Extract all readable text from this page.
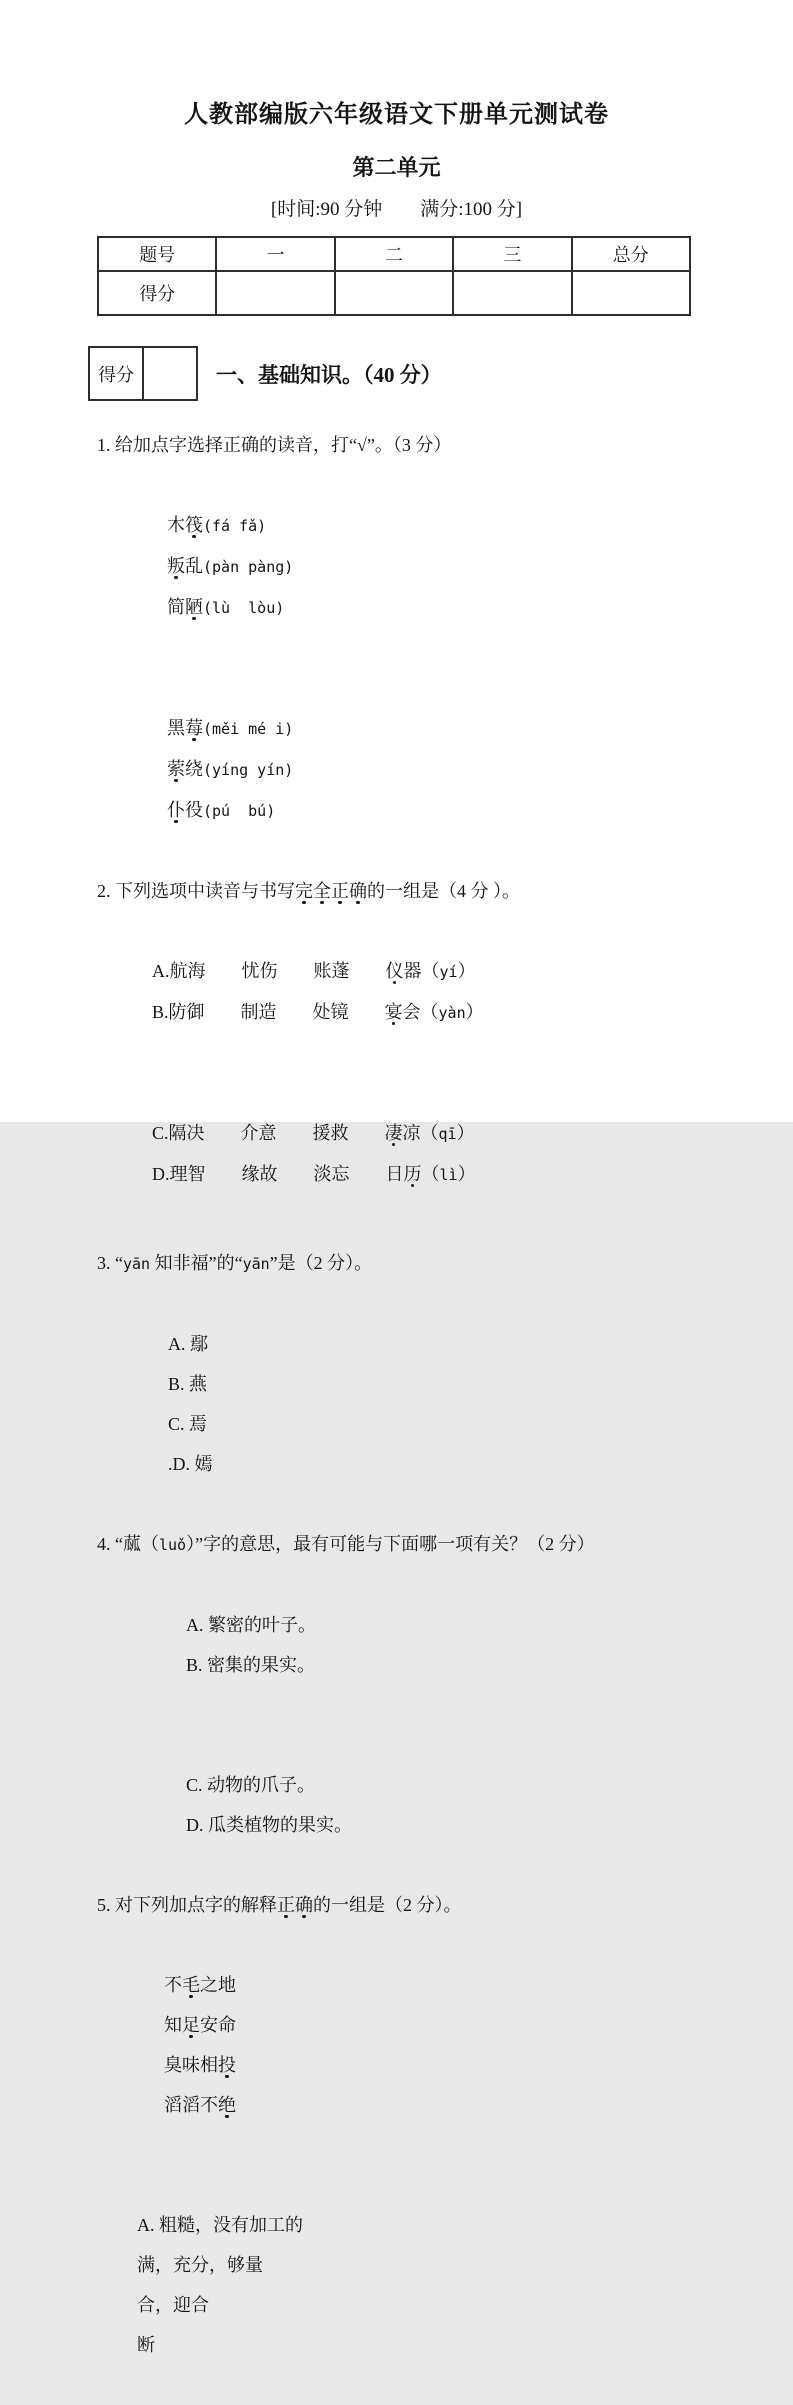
人教部编版六年级语文下册单元测试卷
第二单元
[时间:90 分钟　　满分:100 分]
题号	一	二	三	总分
得分				
得分		一、基础知识。（40 分）
1. 给加点字选择正确的读音，打“√”。（3 分）

木筏(fá fǎ)
叛乱(pàn pàng)
简陋(lù  lòu)

黑莓(měi mé i)
萦绕(yíng yín)
仆役(pú  bú)

2. 下列选项中读音与书写完全正确的一组是（4 分 ）。

A.航海　　忧伤　　账蓬　　仪器（yí）
B.防御　　制造　　处镜　　宴会（yàn）

C.隔决　　介意　　援救　　凄凉（qī）
D.理智　　缘故　　淡忘　　日历（lì）

3. “yān 知非福”的“yān”是（2 分）。

A. 鄢
B. 燕
C. 焉
.D. 嫣

4. “蓏（luǒ）”字的意思，最有可能与下面哪一项有关？（2 分）

A. 繁密的叶子。
B. 密集的果实。

C. 动物的爪子。
D. 瓜类植物的果实。

5. 对下列加点字的解释正确的一组是（2 分）。

不毛之地
知足安命
臭味相投
滔滔不绝

A. 粗糙，没有加工的
满，充分，够量
合，迎合
断
